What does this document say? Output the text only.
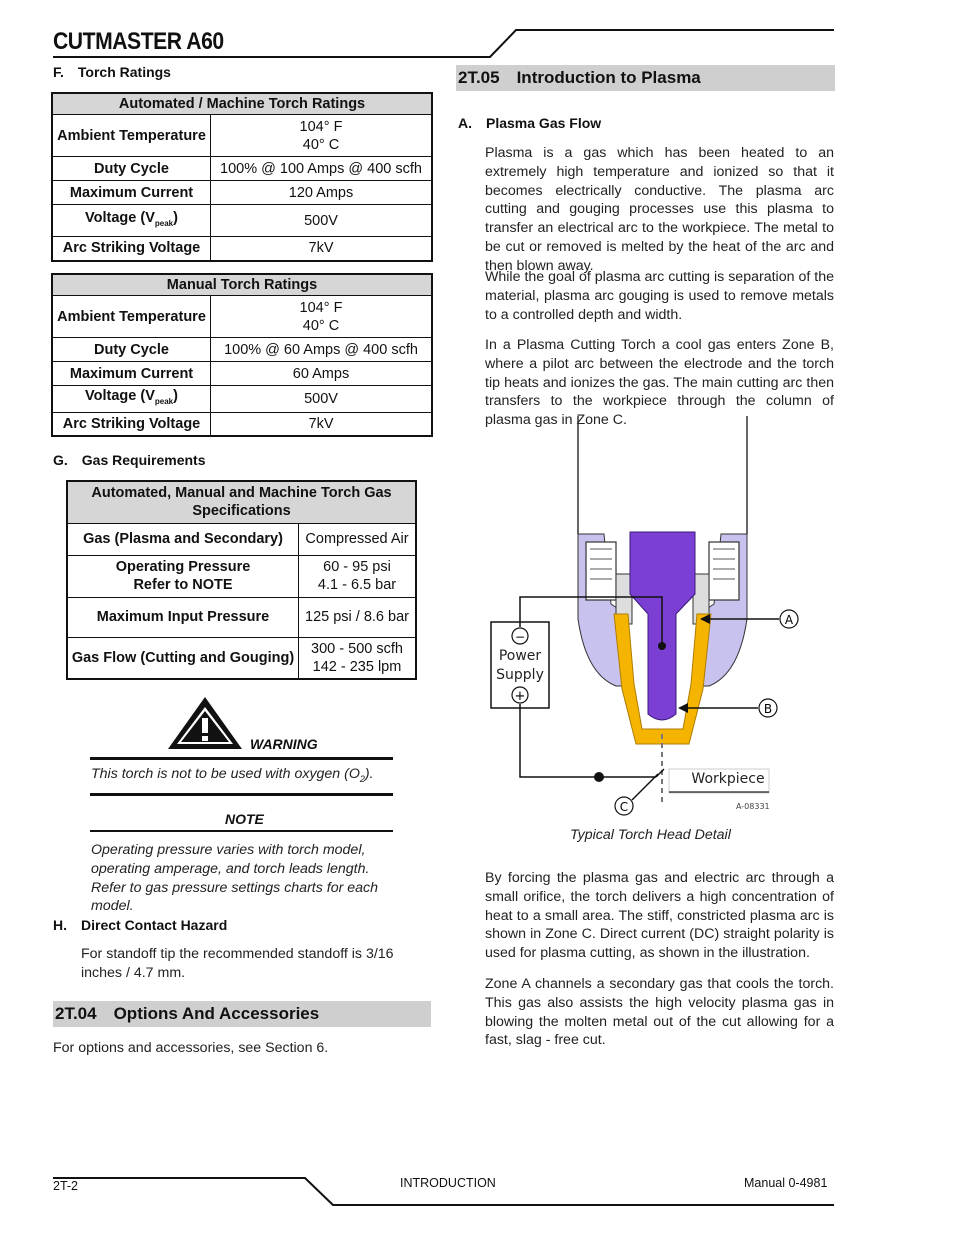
CUTMASTER A60
F. Torch Ratings
Automated / Machine Torch Ratings	
Ambient Temperature	104° F
40° C
Duty Cycle	100% @ 100 Amps @ 400 scfh
Maximum Current	120 Amps
Voltage $(V_{peak})$	500V
Arc Striking Voltage	7kV
Manual Torch Ratings	
Ambient Temperature	104° F
40° C
Duty Cycle	100% @ 60 Amps @ 400 scfh
Maximum Current	60 Amps
Voltage $(V_{peak})$	500V
Arc Striking Voltage	7kV
G. Gas Requirements
Automated, Manual and Machine Torch Gas Specifications	
Gas (Plasma and Secondary)	Compressed Air
Operating Pressure
Refer to NOTE	60 - 95 psi
4.1 - 6.5 bar
Maximum Input Pressure	125 psi / 8.6 bar
Gas Flow (Cutting and Gouging)	300 - 500 scfh
142 - 235 lpm
WARNING
This torch is not to be used with oxygen $(O_2)$.
NOTE
Operating pressure varies with torch model, operating amperage, and torch leads length. Refer to gas pressure settings charts for each model.
H. Direct Contact Hazard
For standoff tip the recommended standoff is 3/16 inches / 4.7 mm.
2T.04 Options And Accessories
For options and accessories, see Section 6.
2T.05 Introduction to Plasma
A. Plasma Gas Flow
Plasma is a gas which has been heated to an extremely high temperature and ionized so that it becomes electrically conductive. The plasma arc cutting and gouging processes use this plasma to transfer an electrical arc to the workpiece. The metal to be cut or removed is melted by the heat of the arc and then blown away.
While the goal of plasma arc cutting is separation of the material, plasma arc gouging is used to remove metals to a controlled depth and width.
In a Plasma Cutting Torch a cool gas enters Zone B, where a pilot arc between the electrode and the torch tip heats and ionizes the gas. The main cutting arc then transfers to the workpiece through the column of plasma gas in Zone C.
−
Power
Supply
+
Workpiece
A-08331
A
B
C
Typical Torch Head Detail
By forcing the plasma gas and electric arc through a small orifice, the torch delivers a high concentration of heat to a small area. The stiff, constricted plasma arc is shown in Zone C. Direct current (DC) straight polarity is used for plasma cutting, as shown in the illustration.
Zone A channels a secondary gas that cools the torch. This gas also assists the high velocity plasma gas in blowing the molten metal out of the cut allowing for a fast, slag - free cut.
2T-2	INTRODUCTION	Manual 0-4981
